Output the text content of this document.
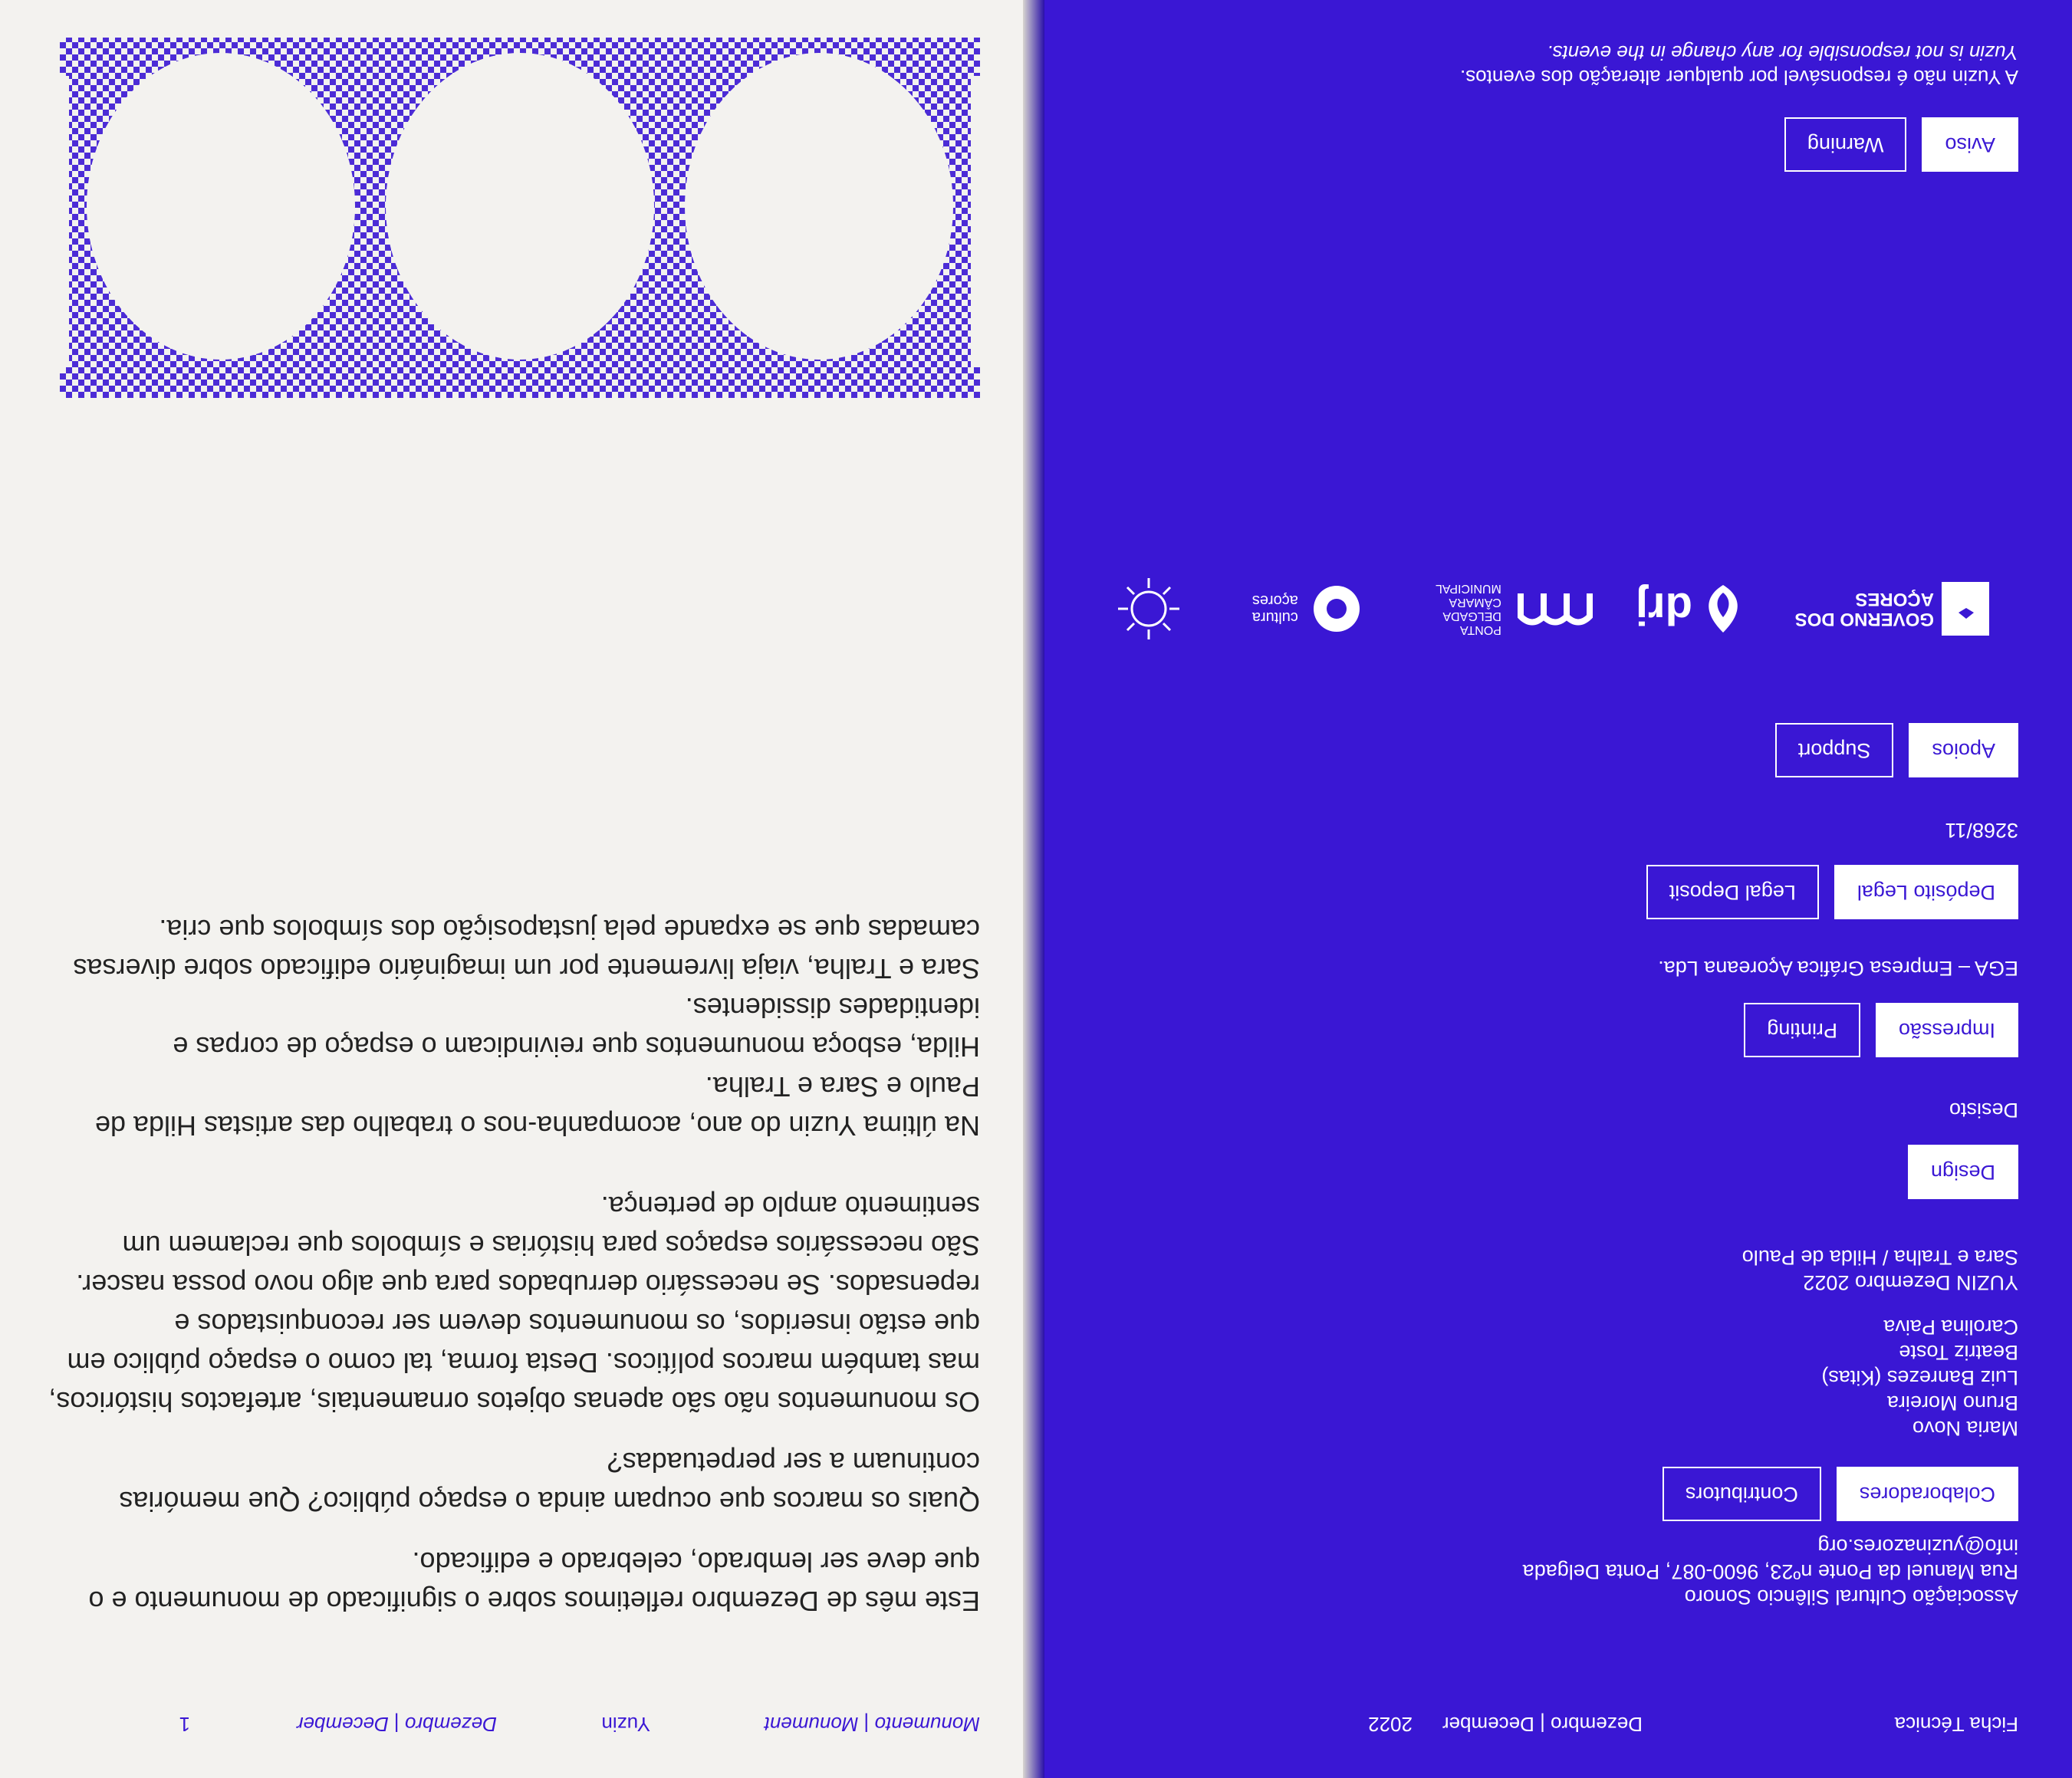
Ficha Técnica
Dezembro | December
2022
Associação Cultural Silêncio Sonoro
Rua Manuel da Ponte nº23, 9600-087, Ponta Delgada
info@yuzinazores.org
Colaboradores
Contributors
Maria Novo
Bruno Moreira
Luiz Banrezes (Kitas)
Beatriz Toste
Carolina Paiva
YUZIN Dezembro 2022
Sara e Tralha / Hilda de Paulo
Design
Desisto
Impressão
Printing
EGA – Empresa Gráfica Açoreana Lda.
Depósito Legal
Legal Deposit
3268/11
Apoios
Support
GOVERNO DOS AÇORES
drj
PONTA DELGADA CÂMARA MUNICIPAL
cultura açores
Aviso
Warning
A Yuzin não é responsável por qualquer alteração dos eventos.
Yuzin is not responsible for any change in the events.
Monumento | Monument
Yuzin
Dezembro | December
1
Este mês de Dezembro refletimos sobre o significado de monumento e o que deve ser lembrado, celebrado e edificado.
Quais os marcos que ocupam ainda o espaço público? Que memórias continuam a ser perpetuadas?
Os monumentos não são apenas objetos ornamentais, artefactos históricos, mas também marcos políticos. Desta forma, tal como o espaço público em que estão inseridos, os monumentos devem ser reconquistados e repensados. Se necessário derrubados para que algo novo possa nascer. São necessários espaços para histórias e símbolos que reclamem um sentimento amplo de pertença.
Na última Yuzin do ano, acompanha-nos o trabalho das artistas Hilda de Paulo e Sara e Tralha.
Hilda, esboça monumentos que reivindicam o espaço de corpas e identidades dissidentes.
Sara e Tralha, viaja livremente por um imaginário edificado sobre diversas camadas que se expande pela justaposição dos símbolos que cria.
